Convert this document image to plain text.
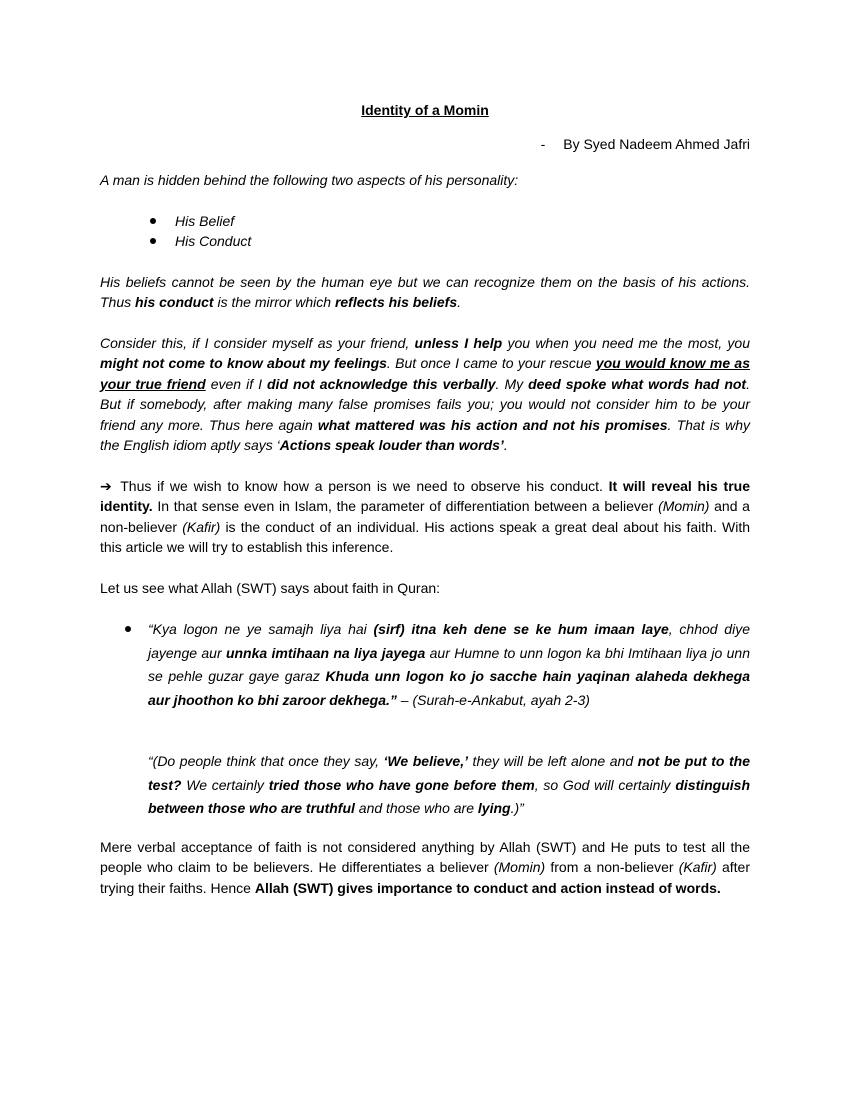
Identity of a Momin
- By Syed Nadeem Ahmed Jafri

A man is hidden behind the following two aspects of his personality:

His Belief
His Conduct

His beliefs cannot be seen by the human eye but we can recognize them on the basis of his actions. Thus his conduct is the mirror which reflects his beliefs.

Consider this, if I consider myself as your friend, unless I help you when you need me the most, you might not come to know about my feelings. But once I came to your rescue you would know me as your true friend even if I did not acknowledge this verbally. My deed spoke what words had not. But if somebody, after making many false promises fails you; you would not consider him to be your friend any more. Thus here again what mattered was his action and not his promises. That is why the English idiom aptly says ‘Actions speak louder than words’.

➔ Thus if we wish to know how a person is we need to observe his conduct. It will reveal his true identity. In that sense even in Islam, the parameter of differentiation between a believer (Momin) and a non-believer (Kafir) is the conduct of an individual. His actions speak a great deal about his faith. With this article we will try to establish this inference.

Let us see what Allah (SWT) says about faith in Quran:

“Kya logon ne ye samajh liya hai (sirf) itna keh dene se ke hum imaan laye, chhod diye jayenge aur unnka imtihaan na liya jayega aur Humne to unn logon ka bhi Imtihaan liya jo unn se pehle guzar gaye garaz Khuda unn logon ko jo sacche hain yaqinan alaheda dekhega aur jhoothon ko bhi zaroor dekhega.” – (Surah-e-Ankabut, ayah 2-3)
“(Do people think that once they say, ‘We believe,’ they will be left alone and not be put to the test? We certainly tried those who have gone before them, so God will certainly distinguish between those who are truthful and those who are lying.)”

Mere verbal acceptance of faith is not considered anything by Allah (SWT) and He puts to test all the people who claim to be believers. He differentiates a believer (Momin) from a non-believer (Kafir) after trying their faiths. Hence Allah (SWT) gives importance to conduct and action instead of words.
